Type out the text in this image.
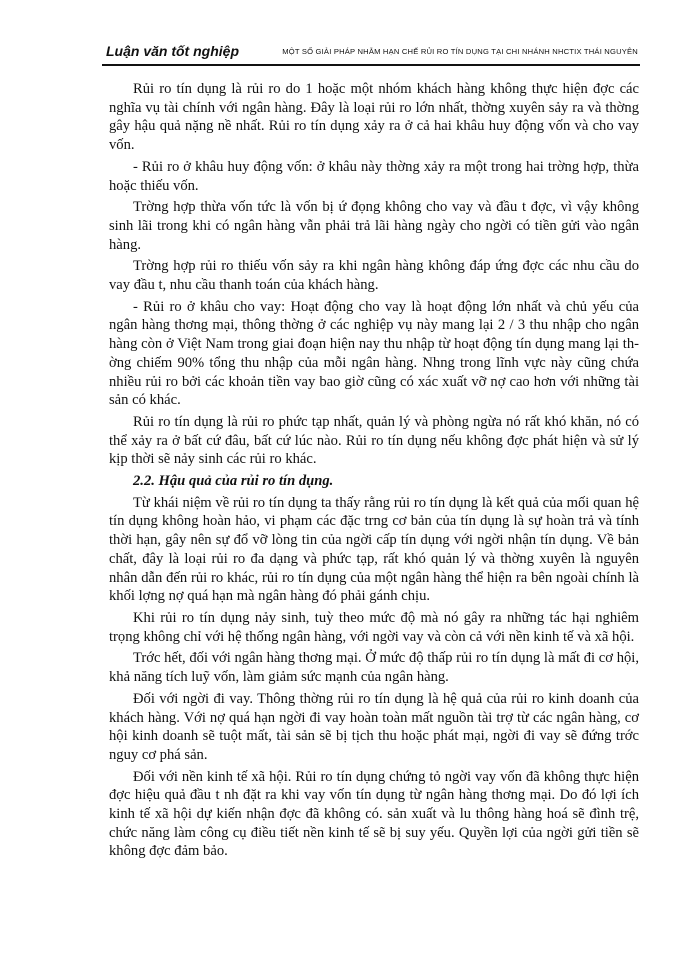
Luận văn tốt nghiệp	MỘT SỐ GIẢI PHÁP NHẰM HẠN CHẾ RỦI RO TÍN DỤNG TẠI CHI NHÁNH NHCTIX THÁI NGUYÊN

Rủi ro tín dụng là rủi ro do 1 hoặc một nhóm khách hàng không thực hiện đợc các nghĩa vụ tài chính với ngân hàng. Đây là loại rủi ro lớn nhất, thờng xuyên sảy ra và thờng gây hậu quả nặng nề nhất. Rủi ro tín dụng xảy ra ở cả hai khâu huy động vốn và cho vay vốn.

- Rủi ro ở khâu huy động vốn: ở khâu này thờng xảy ra một trong hai trờng hợp, thừa hoặc thiếu vốn.

Trờng hợp thừa vốn tức là vốn bị ứ đọng không cho vay và đầu t đợc, vì vậy không sinh lãi trong khi có ngân hàng vẫn phải trả lãi hàng ngày cho ngời có tiền gửi vào ngân hàng.

Trờng hợp rủi ro thiếu vốn sảy ra khi ngân hàng không đáp ứng đợc các nhu cầu do vay đầu t, nhu cầu thanh toán của khách hàng.

- Rủi ro ở khâu cho vay: Hoạt động cho vay là hoạt động lớn nhất và chủ yếu của ngân hàng thơng mại, thông thờng ở các nghiệp vụ này mang lại 2 / 3 thu nhập cho ngân hàng còn ở Việt Nam trong giai đoạn hiện nay thu nhập từ hoạt động tín dụng mang lại thờng chiếm 90% tổng thu nhập của mỗi ngân hàng. Nhng trong lĩnh vực này cũng chứa nhiều rủi ro bởi các khoản tiền vay bao giờ cũng có xác xuất vỡ nợ cao hơn với những tài sản có khác.

Rủi ro tín dụng là rủi ro phức tạp nhất, quản lý và phòng ngừa nó rất khó khăn, nó có thể xảy ra ở bất cứ đâu, bất cứ lúc nào. Rủi ro tín dụng nếu không đợc phát hiện và sử lý kịp thời sẽ nảy sinh các rủi ro khác.

2.2. Hậu quả của rủi ro tín dụng.

Từ khái niệm về rủi ro tín dụng ta thấy rằng rủi ro tín dụng là kết quả của mối quan hệ tín dụng không hoàn hảo, vi phạm các đặc trng cơ bản của tín dụng là sự hoàn trả và tính thời hạn, gây nên sự đổ vỡ lòng tin của ngời cấp tín dụng với ngời nhận tín dụng. Về bản chất, đây là loại rủi ro đa dạng và phức tạp, rất khó quản lý và thờng xuyên là nguyên nhân dẫn đến rủi ro khác, rủi ro tín dụng của một ngân hàng thể hiện ra bên ngoài chính là khối lợng nợ quá hạn mà ngân hàng đó phải gánh chịu.

Khi rủi ro tín dụng nảy sinh, tuỳ theo mức độ mà nó gây ra những tác hại nghiêm trọng không chỉ với hệ thống ngân hàng, với ngời vay và còn cả với nền kinh tế và xã hội.

Trớc hết, đối với ngân hàng thơng mại. Ở mức độ thấp rủi ro tín dụng là mất đi cơ hội, khả năng tích luỹ vốn, làm giảm sức mạnh của ngân hàng.

Đối với ngời đi vay. Thông thờng rủi ro tín dụng là hệ quả của rủi ro kinh doanh của khách hàng. Với nợ quá hạn ngời đi vay hoàn toàn mất nguồn tài trợ từ các ngân hàng, cơ hội kinh doanh sẽ tuột mất, tài sản sẽ bị tịch thu hoặc phát mại, ngời đi vay sẽ đứng trớc nguy cơ phá sản.

Đối với nền kinh tế xã hội. Rủi ro tín dụng chứng tỏ ngời vay vốn đã không thực hiện đợc hiệu quả đầu t nh đặt ra khi vay vốn tín dụng từ ngân hàng thơng mại. Do đó lợi ích kinh tế xã hội dự kiến nhận đợc đã không có. sản xuất và lu thông hàng hoá sẽ đình trệ, chức năng làm công cụ điều tiết nền kinh tế sẽ bị suy yếu. Quyền lợi của ngời gửi tiền sẽ không đợc đảm bảo.
